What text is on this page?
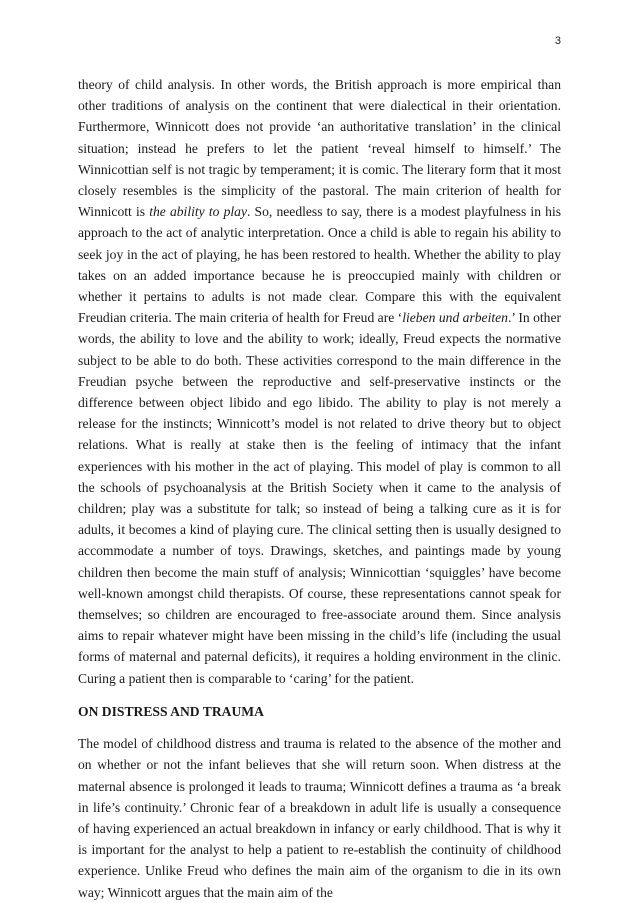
3

theory of child analysis. In other words, the British approach is more empirical than other traditions of analysis on the continent that were dialectical in their orientation. Furthermore, Winnicott does not provide ‘an authoritative translation’ in the clinical situation; instead he prefers to let the patient ‘reveal himself to himself.’ The Winnicottian self is not tragic by temperament; it is comic. The literary form that it most closely resembles is the simplicity of the pastoral. The main criterion of health for Winnicott is the ability to play. So, needless to say, there is a modest playfulness in his approach to the act of analytic interpretation. Once a child is able to regain his ability to seek joy in the act of playing, he has been restored to health. Whether the ability to play takes on an added importance because he is preoccupied mainly with children or whether it pertains to adults is not made clear. Compare this with the equivalent Freudian criteria. The main criteria of health for Freud are ‘lieben und arbeiten.’ In other words, the ability to love and the ability to work; ideally, Freud expects the normative subject to be able to do both. These activities correspond to the main difference in the Freudian psyche between the reproductive and self-preservative instincts or the difference between object libido and ego libido. The ability to play is not merely a release for the instincts; Winnicott’s model is not related to drive theory but to object relations. What is really at stake then is the feeling of intimacy that the infant experiences with his mother in the act of playing. This model of play is common to all the schools of psychoanalysis at the British Society when it came to the analysis of children; play was a substitute for talk; so instead of being a talking cure as it is for adults, it becomes a kind of playing cure. The clinical setting then is usually designed to accommodate a number of toys. Drawings, sketches, and paintings made by young children then become the main stuff of analysis; Winnicottian ‘squiggles’ have become well-known amongst child therapists. Of course, these representations cannot speak for themselves; so children are encouraged to free-associate around them. Since analysis aims to repair whatever might have been missing in the child’s life (including the usual forms of maternal and paternal deficits), it requires a holding environment in the clinic. Curing a patient then is comparable to ‘caring’ for the patient.

ON DISTRESS AND TRAUMA

The model of childhood distress and trauma is related to the absence of the mother and on whether or not the infant believes that she will return soon. When distress at the maternal absence is prolonged it leads to trauma; Winnicott defines a trauma as ‘a break in life’s continuity.’ Chronic fear of a breakdown in adult life is usually a consequence of having experienced an actual breakdown in infancy or early childhood. That is why it is important for the analyst to help a patient to re-establish the continuity of childhood experience. Unlike Freud who defines the main aim of the organism to die in its own way; Winnicott argues that the main aim of the
